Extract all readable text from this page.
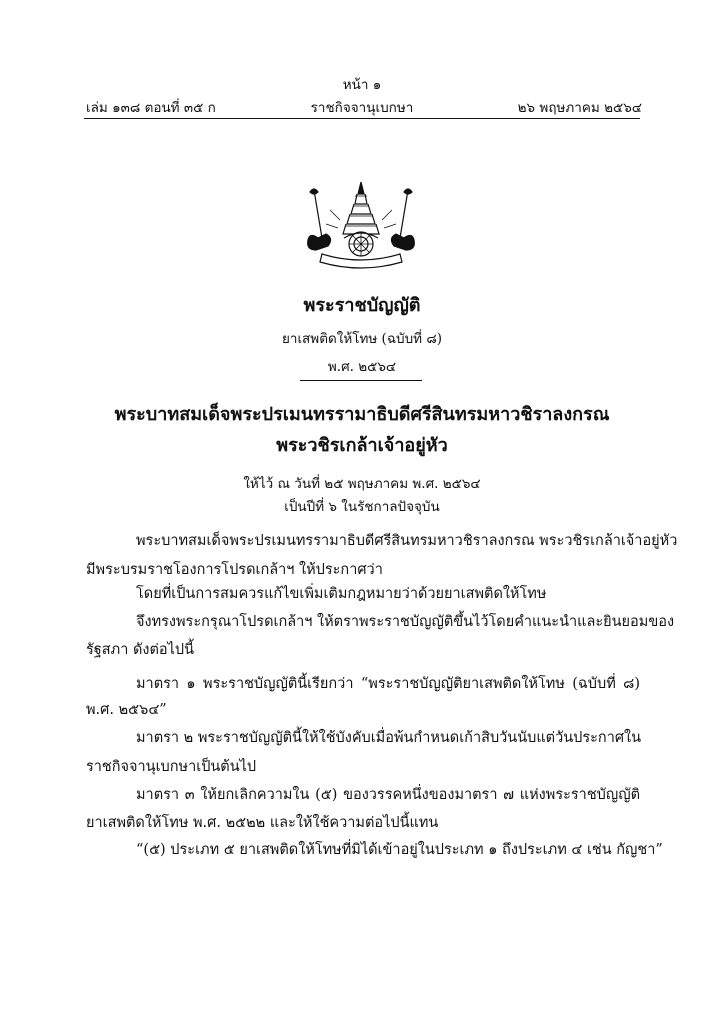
หน้า ๑
เล่ม ๑๓๘ ตอนที่ ๓๕ ก	ราชกิจจานุเบกษา	๒๖ พฤษภาคม ๒๕๖๔
พระราชบัญญัติ
ยาเสพติดให้โทษ (ฉบับที่ ๘)
พ.ศ. ๒๕๖๔
พระบาทสมเด็จพระปรเมนทรรามาธิบดีศรีสินทรมหาวชิราลงกรณ
พระวชิรเกล้าเจ้าอยู่หัว
ให้ไว้ ณ วันที่ ๒๕ พฤษภาคม พ.ศ. ๒๕๖๔
เป็นปีที่ ๖ ในรัชกาลปัจจุบัน
พระบาทสมเด็จพระปรเมนทรรามาธิบดีศรีสินทรมหาวชิราลงกรณ พระวชิรเกล้าเจ้าอยู่หัว
มีพระบรมราชโองการโปรดเกล้าฯ ให้ประกาศว่า
โดยที่เป็นการสมควรแก้ไขเพิ่มเติมกฎหมายว่าด้วยยาเสพติดให้โทษ
จึงทรงพระกรุณาโปรดเกล้าฯ ให้ตราพระราชบัญญัติขึ้นไว้โดยคำแนะนำและยินยอมของ
รัฐสภา ดังต่อไปนี้
มาตรา ๑ พระราชบัญญัตินี้เรียกว่า “พระราชบัญญัติยาเสพติดให้โทษ (ฉบับที่ ๘)
พ.ศ. ๒๕๖๔”
มาตรา ๒ พระราชบัญญัตินี้ให้ใช้บังคับเมื่อพ้นกำหนดเก้าสิบวันนับแต่วันประกาศใน
ราชกิจจานุเบกษาเป็นต้นไป
มาตรา ๓ ให้ยกเลิกความใน (๕) ของวรรคหนึ่งของมาตรา ๗ แห่งพระราชบัญญัติ
ยาเสพติดให้โทษ พ.ศ. ๒๕๒๒ และให้ใช้ความต่อไปนี้แทน
“(๕) ประเภท ๕ ยาเสพติดให้โทษที่มิได้เข้าอยู่ในประเภท ๑ ถึงประเภท ๔ เช่น กัญชา”
